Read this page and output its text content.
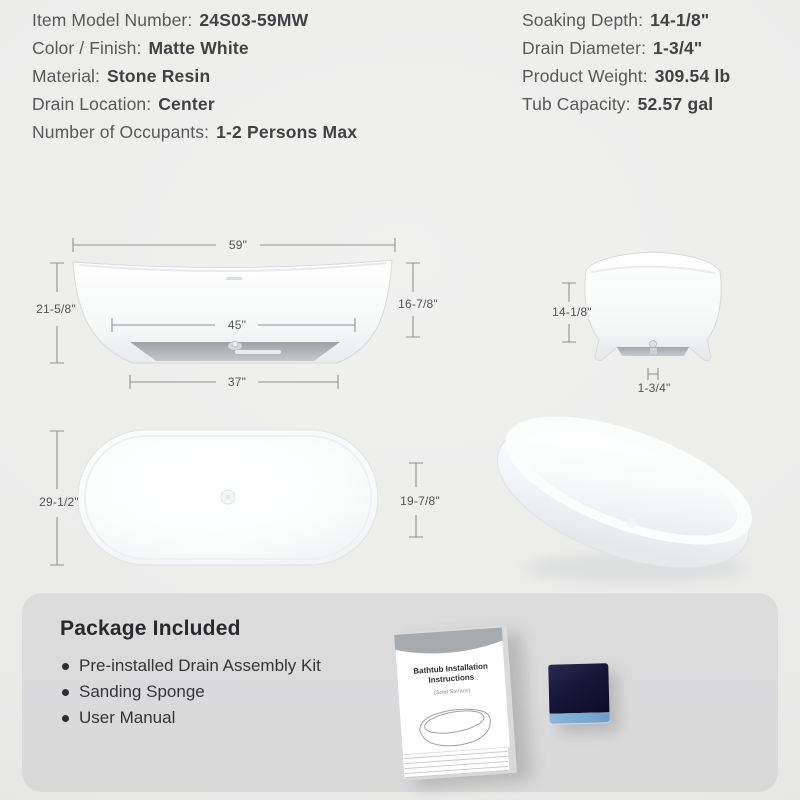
Item Model Number: 24S03-59MW
Color / Finish: Matte White
Material: Stone Resin
Drain Location: Center
Number of Occupants: 1-2 Persons Max
Soaking Depth: 14-1/8"
Drain Diameter: 1-3/4"
Product Weight: 309.54 lb
Tub Capacity: 52.57 gal
59"
21-5/8"	16-7/8"
45"
37"
14-1/8"
1-3/4"
29-1/2"	19-7/8"
Package Included
Pre-installed Drain Assembly Kit
Sanding Sponge
User Manual
Bathtub Installation
Instructions
(Solid Surface)
